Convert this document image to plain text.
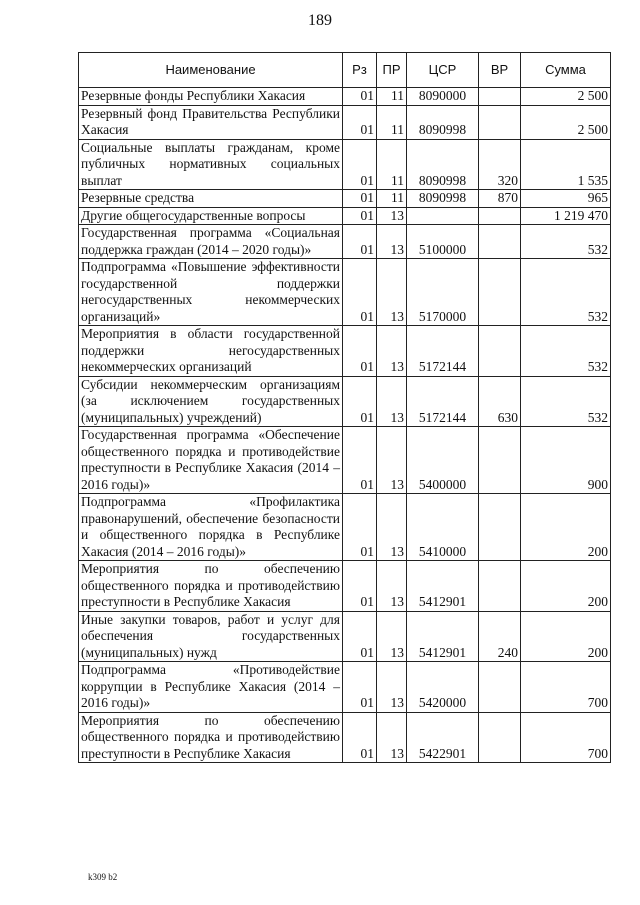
189
Наименование	Рз	ПР	ЦСР	ВР	Сумма
Резервные фонды Республики Хакасия	01	11	8090000		2 500
Резервный фонд Правительства Республики Хакасия	01	11	8090998		2 500
Социальные выплаты гражданам, кроме публичных нормативных социальных выплат	01	11	8090998	320	1 535
Резервные средства	01	11	8090998	870	965
Другие общегосударственные вопросы	01	13			1 219 470
Государственная программа «Социальная поддержка граждан (2014 – 2020 годы)»	01	13	5100000		532
Подпрограмма «Повышение эффективности государственной поддержки негосударственных некоммерческих организаций»	01	13	5170000		532
Мероприятия в области государственной поддержки негосударственных некоммерческих организаций	01	13	5172144		532
Субсидии некоммерческим организациям (за исключением государственных (муниципальных) учреждений)	01	13	5172144	630	532
Государственная программа «Обеспечение общественного порядка и противодействие преступности в Республике Хакасия (2014 – 2016 годы)»	01	13	5400000		900
Подпрограмма «Профилактика правонарушений, обеспечение безопасности и общественного порядка в Республике Хакасия (2014 – 2016 годы)»	01	13	5410000		200
Мероприятия по обеспечению общественного порядка и противодействию преступности в Республике Хакасия	01	13	5412901		200
Иные закупки товаров, работ и услуг для обеспечения государственных (муниципальных) нужд	01	13	5412901	240	200
Подпрограмма «Противодействие коррупции в Республике Хакасия (2014 – 2016 годы)»	01	13	5420000		700
Мероприятия по обеспечению общественного порядка и противодействию преступности в Республике Хакасия	01	13	5422901		700
k309 b2
